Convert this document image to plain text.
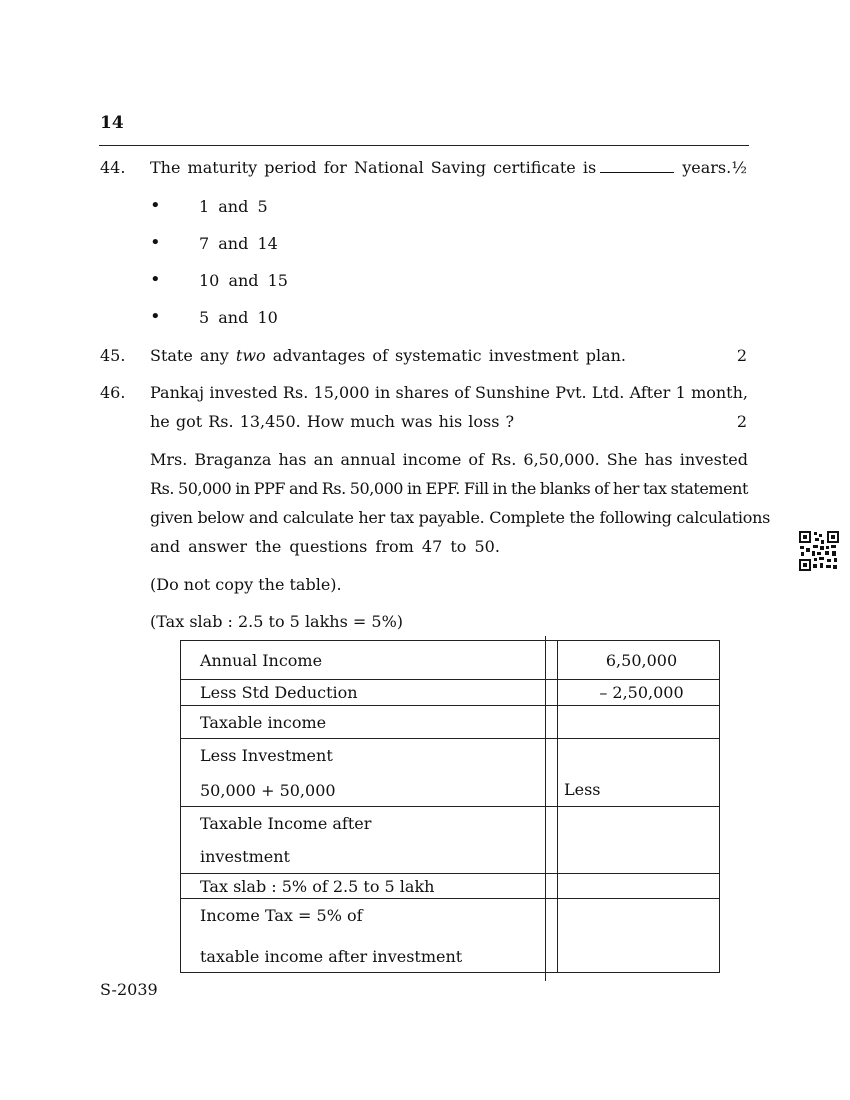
14
44. The maturity period for National Saving certificate is	years. ½
• 1 and 5
• 7 and 14
• 10 and 15
• 5 and 10
45. State any two advantages of systematic investment plan.	2
46. Pankaj invested Rs. 15,000 in shares of Sunshine Pvt. Ltd. After 1 month,
he got Rs. 13,450. How much was his loss ?	2
Mrs. Braganza has an annual income of Rs. 6,50,000. She has invested
Rs. 50,000 in PPF and Rs. 50,000 in EPF. Fill in the blanks of her tax statement
given below and calculate her tax payable. Complete the following calculations
and answer the questions from 47 to 50.
(Do not copy the table).
(Tax slab : 2.5 to 5 lakhs = 5%)
Annual Income	6,50,000
Less Std Deduction	– 2,50,000
Taxable income	

Less Investment
50,000 + 50,000	Less

Taxable Income after
investment	

Tax slab : 5% of 2.5 to 5 lakh	

Income Tax = 5% of
taxable income after investment	

S-2039
